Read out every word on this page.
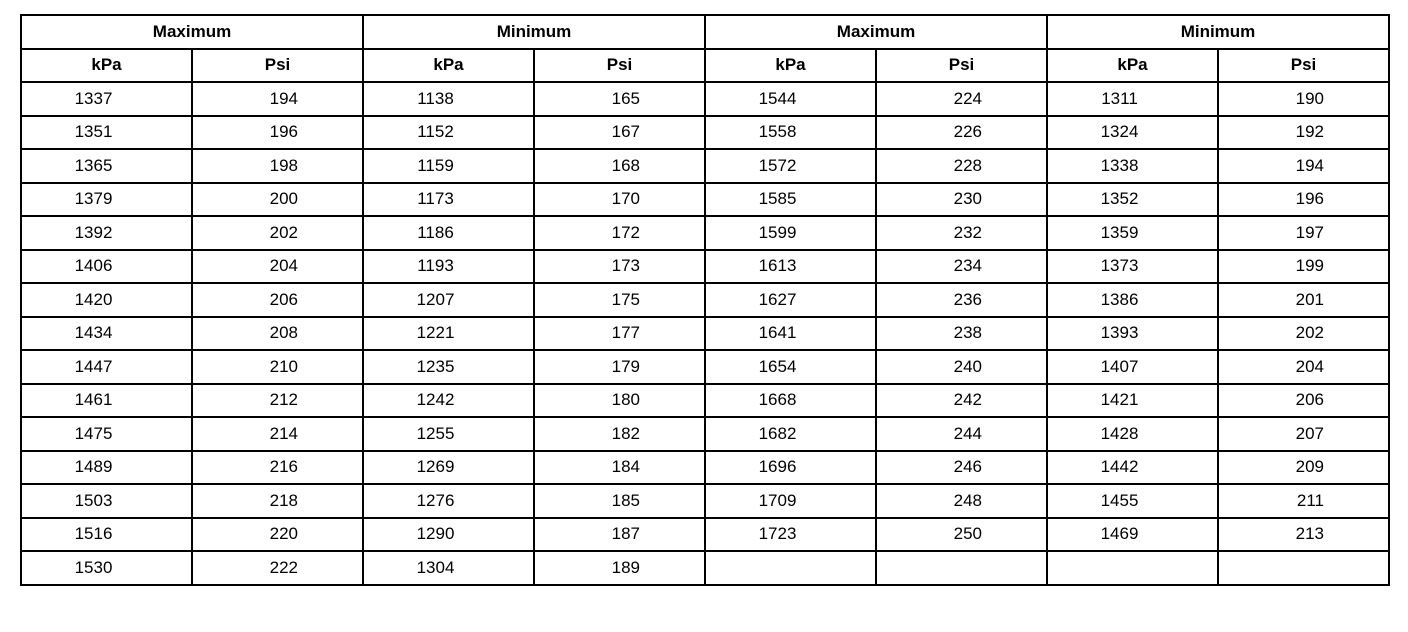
Maximum		Minimum		Maximum		Minimum	
kPa	Psi	kPa	Psi	kPa	Psi	kPa	Psi
1337	194	1138	165	1544	224	1311	190
1351	196	1152	167	1558	226	1324	192
1365	198	1159	168	1572	228	1338	194
1379	200	1173	170	1585	230	1352	196
1392	202	1186	172	1599	232	1359	197
1406	204	1193	173	1613	234	1373	199
1420	206	1207	175	1627	236	1386	201
1434	208	1221	177	1641	238	1393	202
1447	210	1235	179	1654	240	1407	204
1461	212	1242	180	1668	242	1421	206
1475	214	1255	182	1682	244	1428	207
1489	216	1269	184	1696	246	1442	209
1503	218	1276	185	1709	248	1455	211
1516	220	1290	187	1723	250	1469	213
1530	222	1304	189				
